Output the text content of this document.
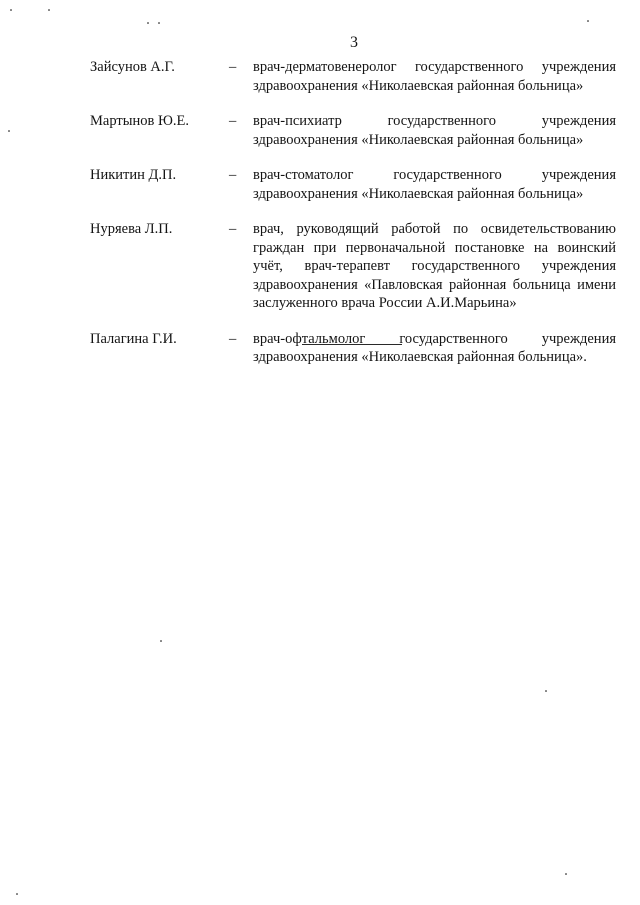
3
Зайсунов А.Г.	–	врач-дерматовенеролог государственного учреждения здравоохранения «Николаевская районная больница»
Мартынов Ю.Е.	–	врач-психиатр государственного учреждения здравоохранения «Николаевская районная больница»
Никитин Д.П.	–	врач-стоматолог государственного учреждения здравоохранения «Николаевская районная больница»
Нуряева Л.П.	–	врач, руководящий работой по освидетельствованию граждан при первоначальной постановке на воинский учёт, врач-терапевт государственного учреждения здравоохранения «Павловская районная больница имени заслуженного врача России А.И.Марьина»
Палагина Г.И.	–	врач-офтальмолог государственного учреждения здравоохранения «Николаевская районная больница».
